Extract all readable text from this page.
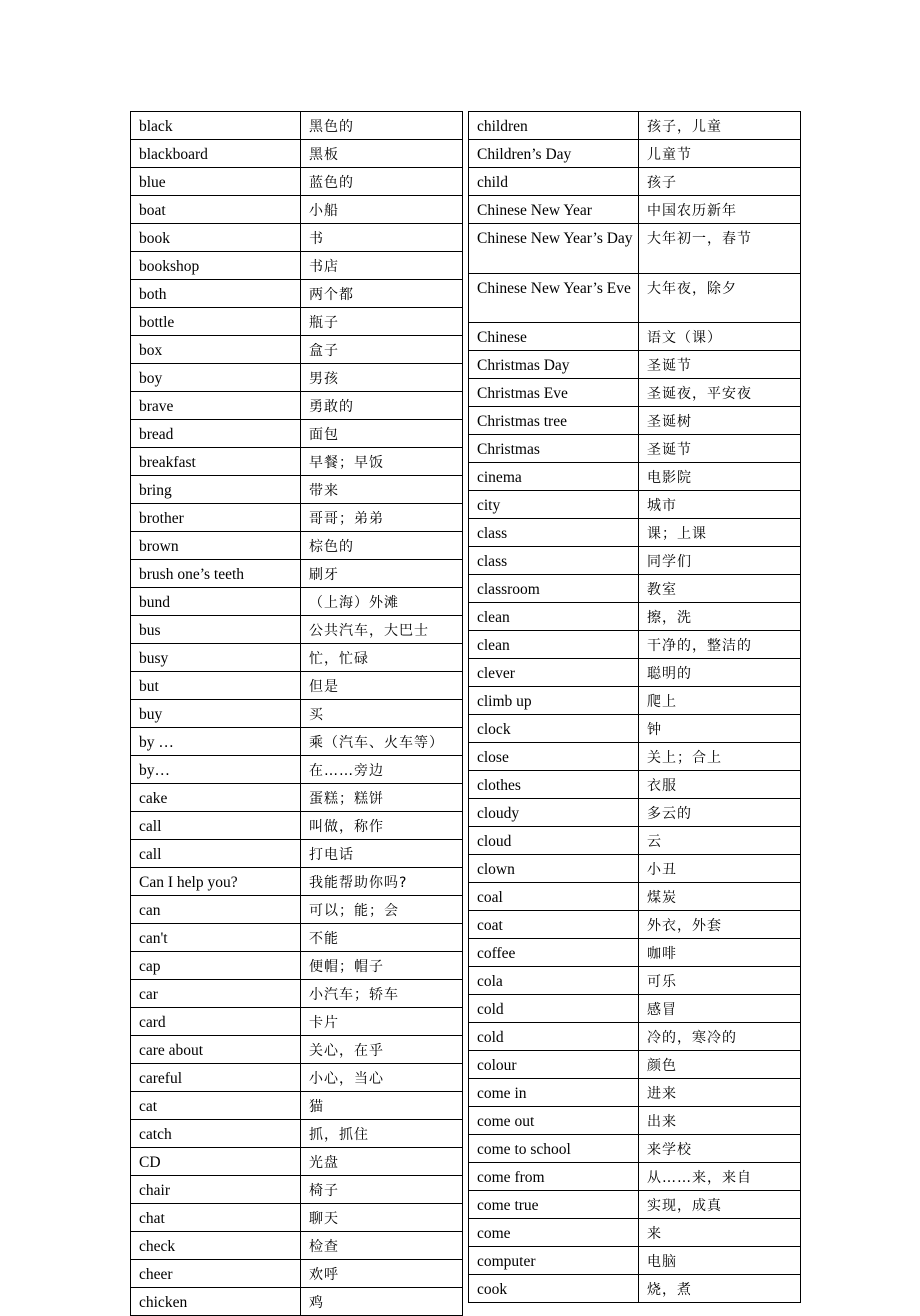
black	黑色的
blackboard	黑板
blue	蓝色的
boat	小船
book	书
bookshop	书店
both	两个都
bottle	瓶子
box	盒子
boy	男孩
brave	勇敢的
bread	面包
breakfast	早餐；早饭
bring	带来
brother	哥哥；弟弟
brown	棕色的
brush one’s teeth	刷牙
bund	（上海）外滩
bus	公共汽车，大巴士
busy	忙，忙碌
but	但是
buy	买
by …	乘（汽车、火车等）
by…	在……旁边
cake	蛋糕；糕饼
call	叫做，称作
call	打电话
Can I help you?	我能帮助你吗?
can	可以；能；会
can't	不能
cap	便帽；帽子
car	小汽车；轿车
card	卡片
care about	关心，在乎
careful	小心，当心
cat	猫
catch	抓，抓住
CD	光盘
chair	椅子
chat	聊天
check	检查
cheer	欢呼
chicken	鸡
children	孩子，儿童
Children’s Day	儿童节
child	孩子
Chinese New Year	中国农历新年
Chinese New Year’s Day	大年初一，春节
Chinese New Year’s Eve	大年夜，除夕
Chinese	语文（课）
Christmas Day	圣诞节
Christmas Eve	圣诞夜，平安夜
Christmas tree	圣诞树
Christmas	圣诞节
cinema	电影院
city	城市
class	课；上课
class	同学们
classroom	教室
clean	擦，洗
clean	干净的，整洁的
clever	聪明的
climb up	爬上
clock	钟
close	关上；合上
clothes	衣服
cloudy	多云的
cloud	云
clown	小丑
coal	煤炭
coat	外衣，外套
coffee	咖啡
cola	可乐
cold	感冒
cold	冷的，寒冷的
colour	颜色
come in	进来
come out	出来
come to school	来学校
come from	从……来，来自
come true	实现，成真
come	来
computer	电脑
cook	烧，煮
